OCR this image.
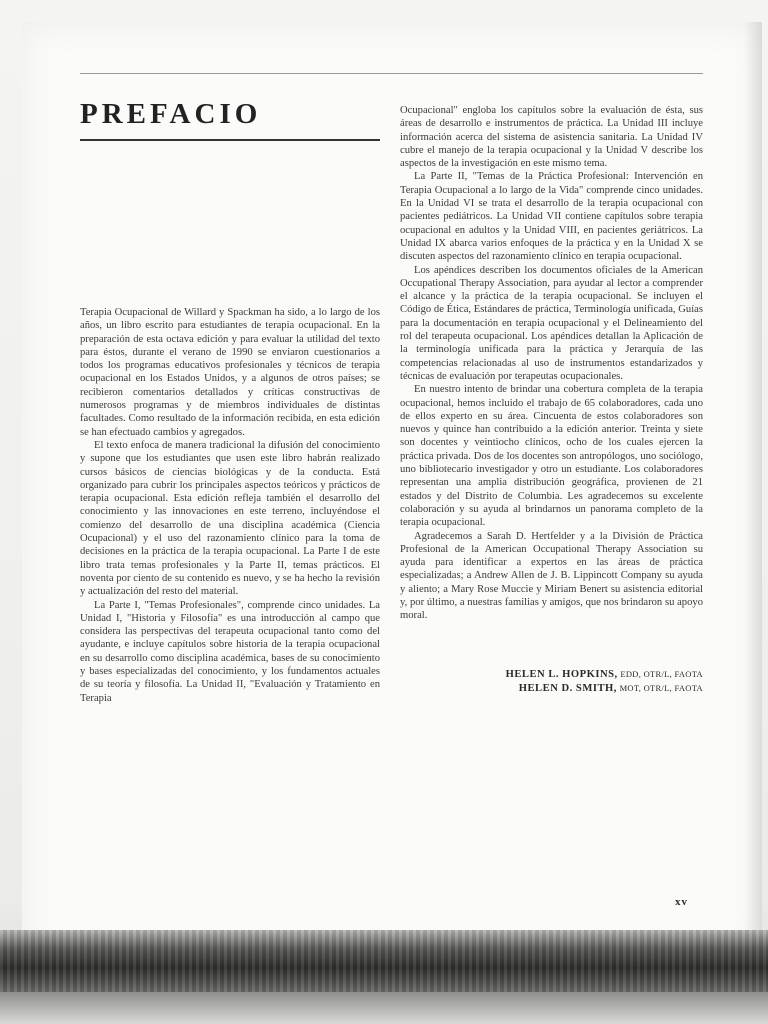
PREFACIO

Terapia Ocupacional de Willard y Spackman ha sido, a lo largo de los años, un libro escrito para estudiantes de terapia ocupacional. En la preparación de esta octava edición y para evaluar la utilidad del texto para éstos, durante el verano de 1990 se enviaron cuestionarios a todos los programas educativos profesionales y técnicos de terapia ocupacional en los Estados Unidos, y a algunos de otros países; se recibieron comentarios detallados y críticas constructivas de numerosos programas y de miembros individuales de distintas facultades. Como resultado de la información recibida, en esta edición se han efectuado cambios y agregados.

El texto enfoca de manera tradicional la difusión del conocimiento y supone que los estudiantes que usen este libro habrán realizado cursos básicos de ciencias biológicas y de la conducta. Está organizado para cubrir los principales aspectos teóricos y prácticos de terapia ocupacional. Esta edición refleja también el desarrollo del conocimiento y las innovaciones en este terreno, incluyéndose el comienzo del desarrollo de una disciplina académica (Ciencia Ocupacional) y el uso del razonamiento clínico para la toma de decisiones en la práctica de la terapia ocupacional. La Parte I de este libro trata temas profesionales y la Parte II, temas prácticos. El noventa por ciento de su contenido es nuevo, y se ha hecho la revisión y actualización del resto del material.

La Parte I, "Temas Profesionales", comprende cinco unidades. La Unidad I, "Historia y Filosofía" es una introducción al campo que considera las perspectivas del terapeuta ocupacional tanto como del ayudante, e incluye capítulos sobre historia de la terapia ocupacional en su desarrollo como disciplina académica, bases de su conocimiento y bases especializadas del conocimiento, y los fundamentos actuales de su teoría y filosofía. La Unidad II, "Evaluación y Tratamiento en Terapia

Ocupacional" engloba los capítulos sobre la evaluación de ésta, sus áreas de desarrollo e instrumentos de práctica. La Unidad III incluye información acerca del sistema de asistencia sanitaria. La Unidad IV cubre el manejo de la terapia ocupacional y la Unidad V describe los aspectos de la investigación en este mismo tema.

La Parte II, "Temas de la Práctica Profesional: Intervención en Terapia Ocupacional a lo largo de la Vida" comprende cinco unidades. En la Unidad VI se trata el desarrollo de la terapia ocupacional con pacientes pediátricos. La Unidad VII contiene capítulos sobre terapia ocupacional en adultos y la Unidad VIII, en pacientes geriátricos. La Unidad IX abarca varios enfoques de la práctica y en la Unidad X se discuten aspectos del razonamiento clínico en terapia ocupacional.

Los apéndices describen los documentos oficiales de la American Occupational Therapy Association, para ayudar al lector a comprender el alcance y la práctica de la terapia ocupacional. Se incluyen el Código de Ética, Estándares de práctica, Terminología unificada, Guías para la documentación en terapia ocupacional y el Delineamiento del rol del terapeuta ocupacional. Los apéndices detallan la Aplicación de la terminología unificada para la práctica y Jerarquía de las competencias relacionadas al uso de instrumentos estandarizados y técnicas de evaluación por terapeutas ocupacionales.

En nuestro intento de brindar una cobertura completa de la terapia ocupacional, hemos incluido el trabajo de 65 colaboradores, cada uno de ellos experto en su área. Cincuenta de estos colaboradores son nuevos y quince han contribuido a la edición anterior. Treinta y siete son docentes y veintiocho clínicos, ocho de los cuales ejercen la práctica privada. Dos de los docentes son antropólogos, uno sociólogo, uno bibliotecario investigador y otro un estudiante. Los colaboradores representan una amplia distribución geográfica, provienen de 21 estados y del Distrito de Columbia. Les agradecemos su excelente colaboración y su ayuda al brindarnos un panorama completo de la terapia ocupacional.

Agradecemos a Sarah D. Hertfelder y a la División de Práctica Profesional de la American Occupational Therapy Association su ayuda para identificar a expertos en las áreas de práctica especializadas; a Andrew Allen de J. B. Lippincott Company su ayuda y aliento; a Mary Rose Muccie y Miriam Benert su asistencia editorial y, por último, a nuestras familias y amigos, que nos brindaron su apoyo moral.

HELEN L. HOPKINS, EDD, OTR/L, FAOTA
HELEN D. SMITH, MOT, OTR/L, FAOTA

xv
